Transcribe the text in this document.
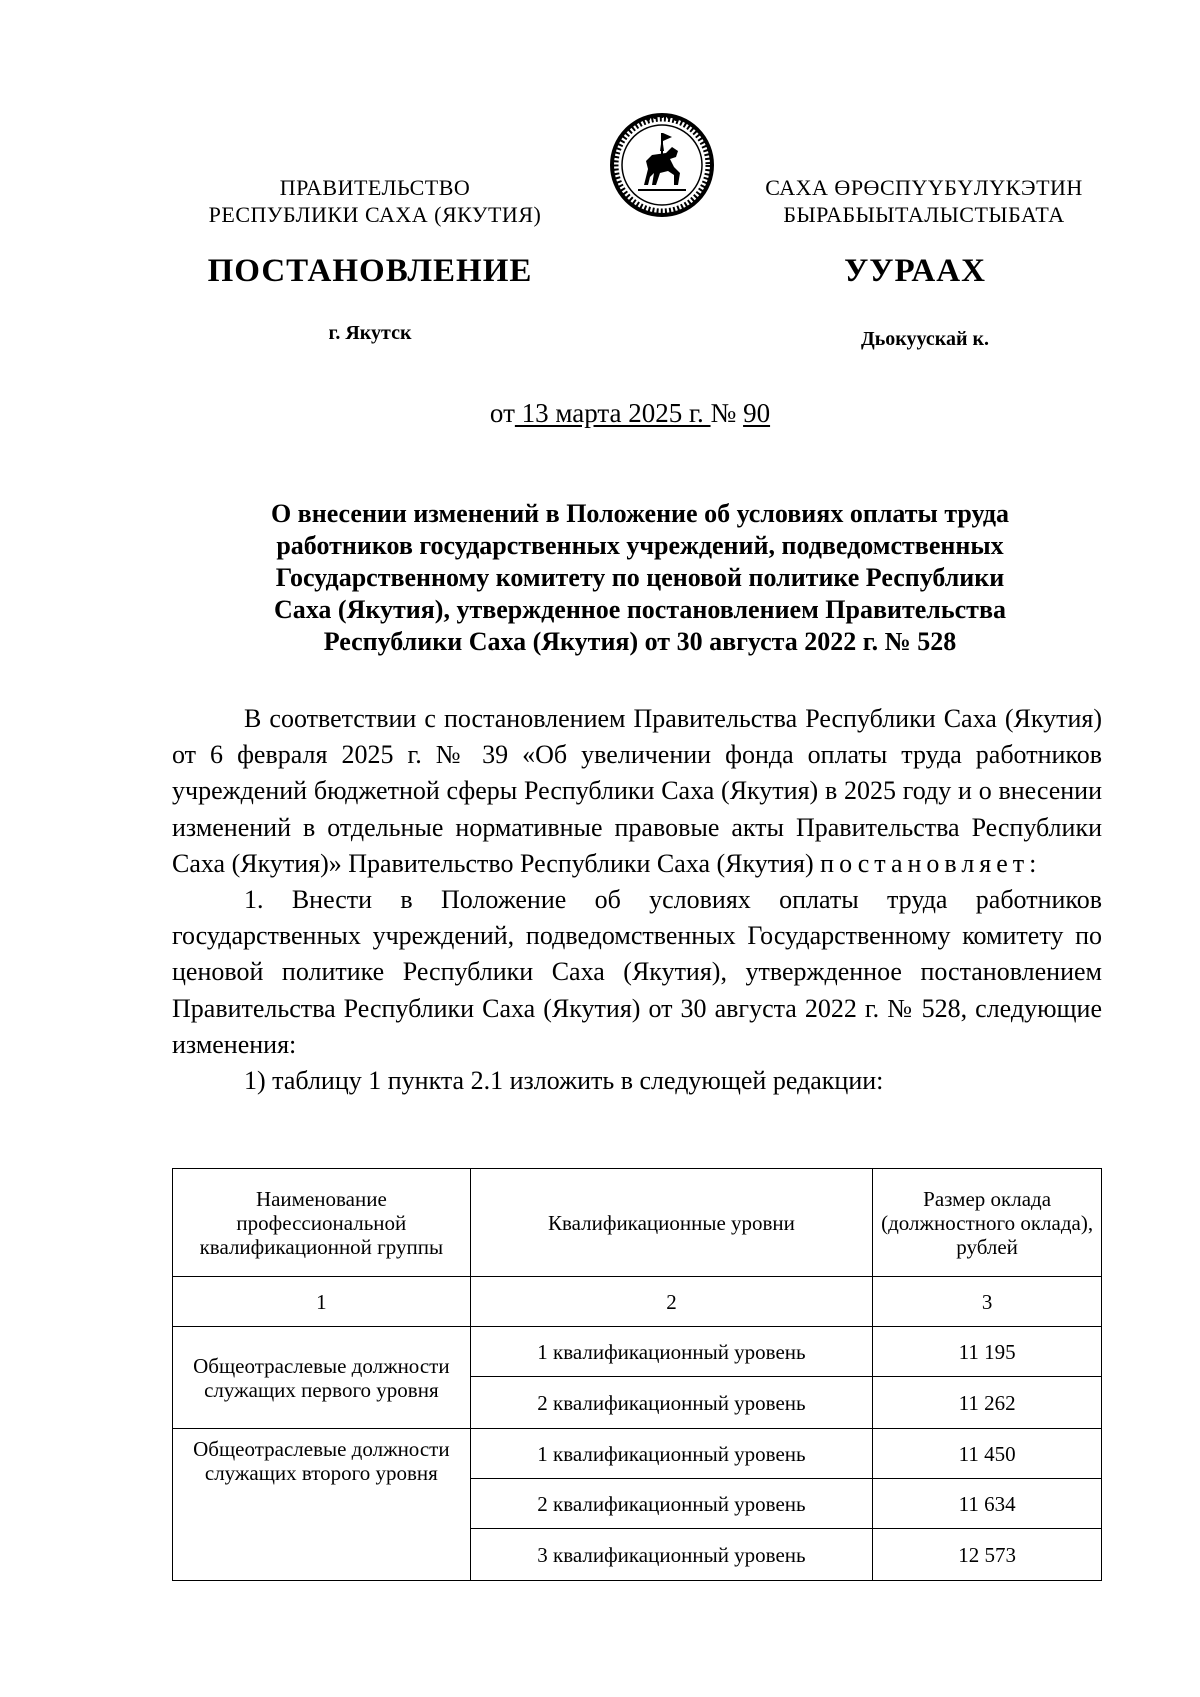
ПРАВИТЕЛЬСТВО
РЕСПУБЛИКИ САХА (ЯКУТИЯ)
САХА ӨРӨСПҮҮБҮЛҮКЭТИН
БЫРАБЫЫТАЛЫСТЫБАТА
ПОСТАНОВЛЕНИЕ	УУРААХ
г. Якутск	Дьокуускай к.
от 13 марта 2025 г. № 90
О внесении изменений в Положение об условиях оплаты труда
работников государственных учреждений, подведомственных
Государственному комитету по ценовой политике Республики
Саха (Якутия), утвержденное постановлением Правительства
Республики Саха (Якутия) от 30 августа 2022 г. № 528

В соответствии с постановлением Правительства Республики Саха (Якутия) от 6 февраля 2025 г. № 39 «Об увеличении фонда оплаты труда работников учреждений бюджетной сферы Республики Саха (Якутия) в 2025 году и о внесении изменений в отдельные нормативные правовые акты Правительства Республики Саха (Якутия)» Правительство Республики Саха (Якутия) постановляет:

1. Внести в Положение об условиях оплаты труда работников государственных учреждений, подведомственных Государственному комитету по ценовой политике Республики Саха (Якутия), утвержденное постановлением Правительства Республики Саха (Якутия) от 30 августа 2022 г. № 528, следующие изменения:

1) таблицу 1 пункта 2.1 изложить в следующей редакции:

Наименование профессиональной квалификационной группы	Квалификационные уровни	Размер оклада (должностного оклада), рублей
1	2	3
Общеотраслевые должности служащих первого уровня	1 квалификационный уровень	11 195
	2 квалификационный уровень	11 262
Общеотраслевые должности служащих второго уровня	1 квалификационный уровень	11 450
	2 квалификационный уровень	11 634
	3 квалификационный уровень	12 573
